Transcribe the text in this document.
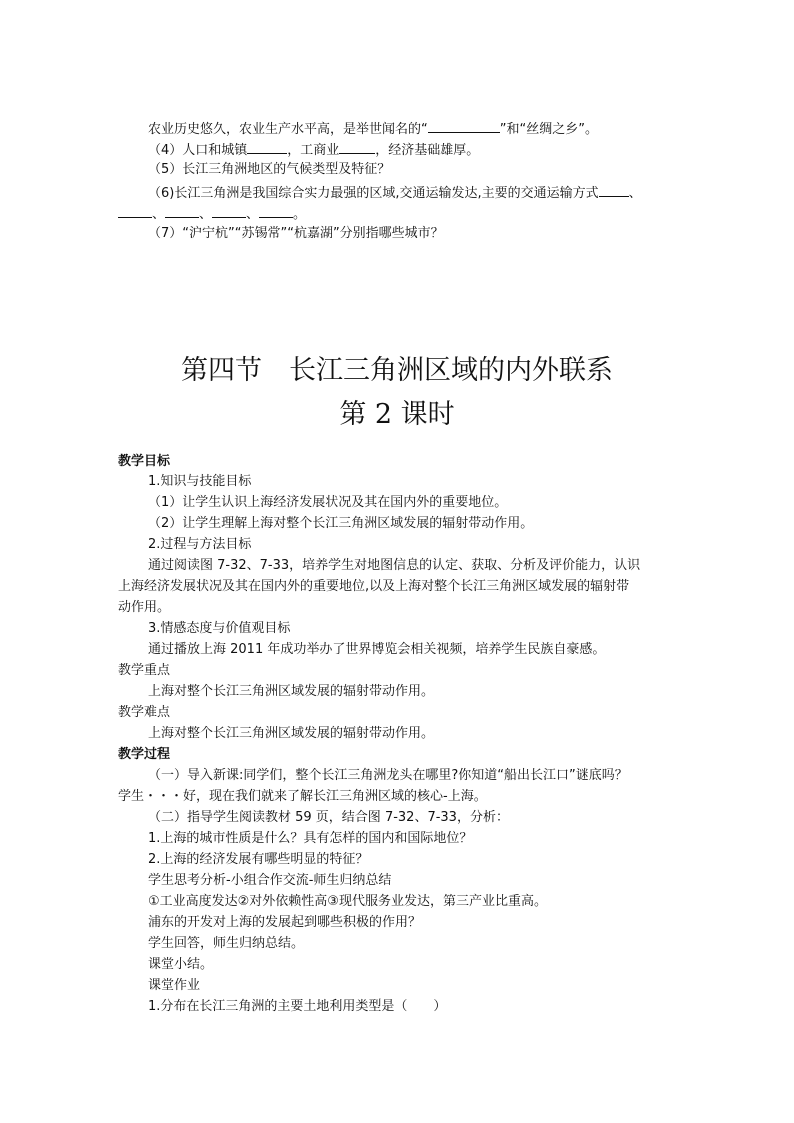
农业历史悠久，农业生产水平高，是举世闻名的“	”和“丝绸之乡”。
（4）人口和城镇	，工商业	，经济基础雄厚。
（5）长江三角洲地区的气候类型及特征？
（6)长江三角洲是我国综合实力最强的区域,交通运输发达,主要的交通运输方式 、
、	、	、	。
（7）“沪宁杭”“苏锡常”“杭嘉湖”分别指哪些城市？
第四节　长江三角洲区域的内外联系
第 2 课时
教学目标
1.知识与技能目标
（1）让学生认识上海经济发展状况及其在国内外的重要地位。
（2）让学生理解上海对整个长江三角洲区域发展的辐射带动作用。
2.过程与方法目标
通过阅读图 7-32、7-33，培养学生对地图信息的认定、获取、分析及评价能力，认识
上海经济发展状况及其在国内外的重要地位,以及上海对整个长江三角洲区域发展的辐射带
动作用。
3.情感态度与价值观目标
通过播放上海 2011 年成功举办了世界博览会相关视频，培养学生民族自豪感。
教学重点
上海对整个长江三角洲区域发展的辐射带动作用。
教学难点
上海对整个长江三角洲区域发展的辐射带动作用。
教学过程
（一）导入新课:同学们，整个长江三角洲龙头在哪里?你知道“船出长江口”谜底吗？
学生・・・好，现在我们就来了解长江三角洲区域的核心-上海。
（二）指导学生阅读教材 59 页，结合图 7-32、7-33，分析：
1.上海的城市性质是什么？具有怎样的国内和国际地位？
2.上海的经济发展有哪些明显的特征？
学生思考分析-小组合作交流-师生归纳总结
①工业高度发达②对外依赖性高③现代服务业发达，第三产业比重高。
浦东的开发对上海的发展起到哪些积极的作用？
学生回答，师生归纳总结。
课堂小结。
课堂作业
1.分布在长江三角洲的主要土地利用类型是（　　）
